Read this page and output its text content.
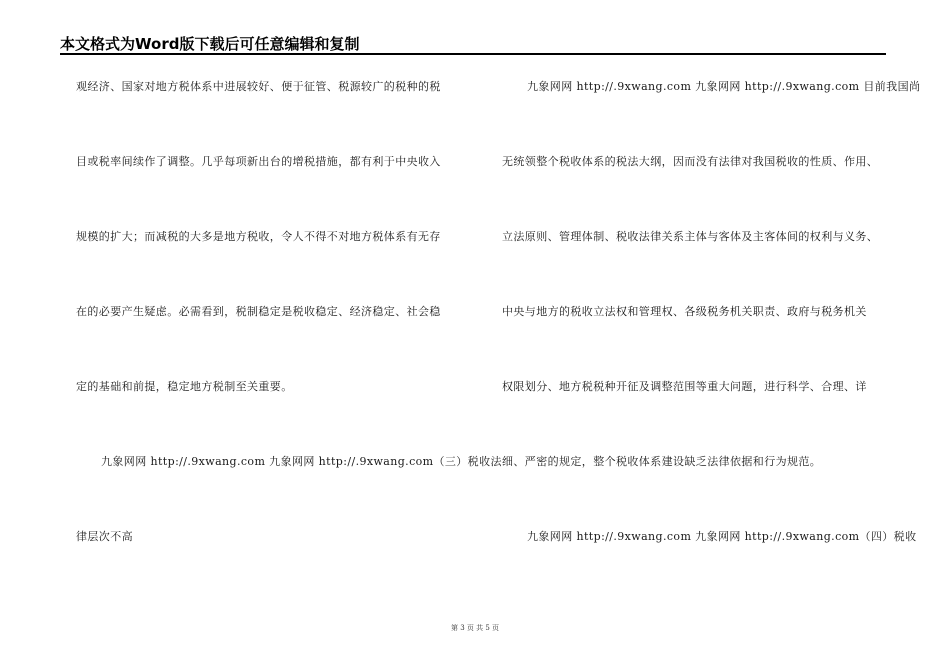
本文格式为Word版下载后可任意编辑和复制
观经济、国家对地方税体系中进展较好、便于征管、税源较广的税种的税
目或税率间续作了调整。几乎每项新出台的增税措施，都有利于中央收入
规模的扩大；而减税的大多是地方税收，令人不得不对地方税体系有无存
在的必要产生疑虑。必需看到，税制稳定是税收稳定、经济稳定、社会稳
定的基础和前提，稳定地方税制至关重要。
九象网网 http://.9xwang.com 九象网网 http://.9xwang.com（三）税收法
律层次不高
九象网网 http://.9xwang.com 九象网网 http://.9xwang.com 目前我国尚
无统领整个税收体系的税法大纲，因而没有法律对我国税收的性质、作用、
立法原则、管理体制、税收法律关系主体与客体及主客体间的权利与义务、
中央与地方的税收立法权和管理权、各级税务机关职责、政府与税务机关
权限划分、地方税税种开征及调整范围等重大问题，进行科学、合理、详
细、严密的规定，整个税收体系建设缺乏法律依据和行为规范。
九象网网 http://.9xwang.com 九象网网 http://.9xwang.com（四）税收
第 3 页 共 5 页
